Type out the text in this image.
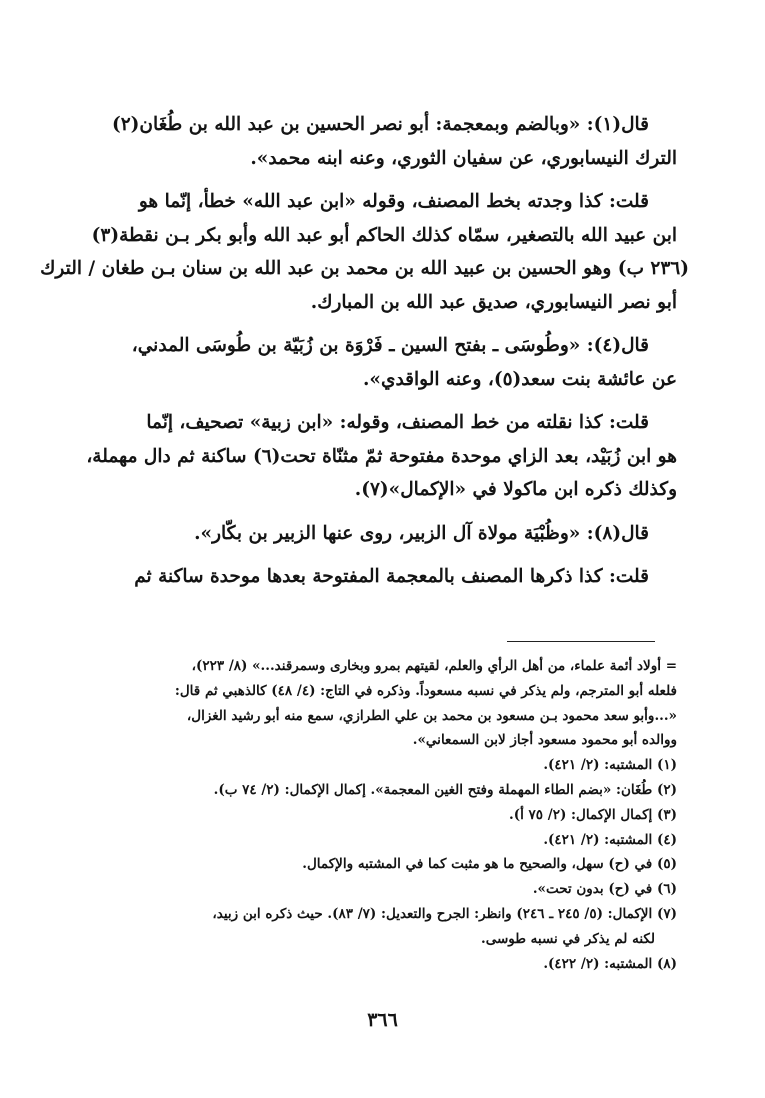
قال(١): «وبالضم وبمعجمة: أبو نصر الحسين بن عبد الله بن طُغَان(٢)
الترك النيسابوري، عن سفيان الثوري، وعنه ابنه محمد».

قلت: كذا وجدته بخط المصنف، وقوله «ابن عبد الله» خطأ، إنّما هو
ابن عبيد الله بالتصغير، سمّاه كذلك الحاكم أبو عبد الله وأبو بكر بـن نقطة(٣)
(٢٣٦ ب) وهو الحسين بن عبيد الله بن محمد بن عبد الله بن سنان بـن طغان / الترك
أبو نصر النيسابوري، صديق عبد الله بن المبارك.

قال(٤): «وطُوسَى ـ بفتح السين ـ فَرْوَة بن زُبَيّة بن طُوسَى المدني،
عن عائشة بنت سعد(٥)، وعنه الواقدي».

قلت: كذا نقلته من خط المصنف، وقوله: «ابن زبية» تصحيف، إنّما
هو ابن زُبَيْد، بعد الزاي موحدة مفتوحة ثمّ مثنّاة تحت(٦) ساكنة ثم دال مهملة،
وكذلك ذكره ابن ماكولا في «الإكمال»(٧).

قال(٨): «وظُبْيَة مولاة آل الزبير، روى عنها الزبير بن بكّار».

قلت: كذا ذكرها المصنف بالمعجمة المفتوحة بعدها موحدة ساكنة ثم

= أولاد أئمة علماء، من أهل الرأي والعلم، لقيتهم بمرو وبخارى وسمرقند...» (٨/ ٢٢٣)،
فلعله أبو المترجم، ولم يذكر في نسبه مسعوداً. وذكره في التاج: (٤/ ٤٨) كالذهبي ثم قال:
«...وأبو سعد محمود بـن مسعود بن محمد بن علي الطرازي، سمع منه أبو رشيد الغزال،
ووالده أبو محمود مسعود أجاز لابن السمعاني».
(١) المشتبه: (٢/ ٤٢١).
(٢) طُغَان: «بضم الطاء المهملة وفتح الغين المعجمة». إكمال الإكمال: (٢/ ٧٤ ب).
(٣) إكمال الإكمال: (٢/ ٧٥ أ).
(٤) المشتبه: (٢/ ٤٢١).
(٥) في (ح) سهل، والصحيح ما هو مثبت كما في المشتبه والإكمال.
(٦) في (ح) بدون تحت».
(٧) الإكمال: (٥/ ٢٤٥ ـ ٢٤٦) وانظر: الجرح والتعديل: (٧/ ٨٣). حيث ذكره ابن زبيد،
لكنه لم يذكر في نسبه طوسى.
(٨) المشتبه: (٢/ ٤٢٢).
٣٦٦
